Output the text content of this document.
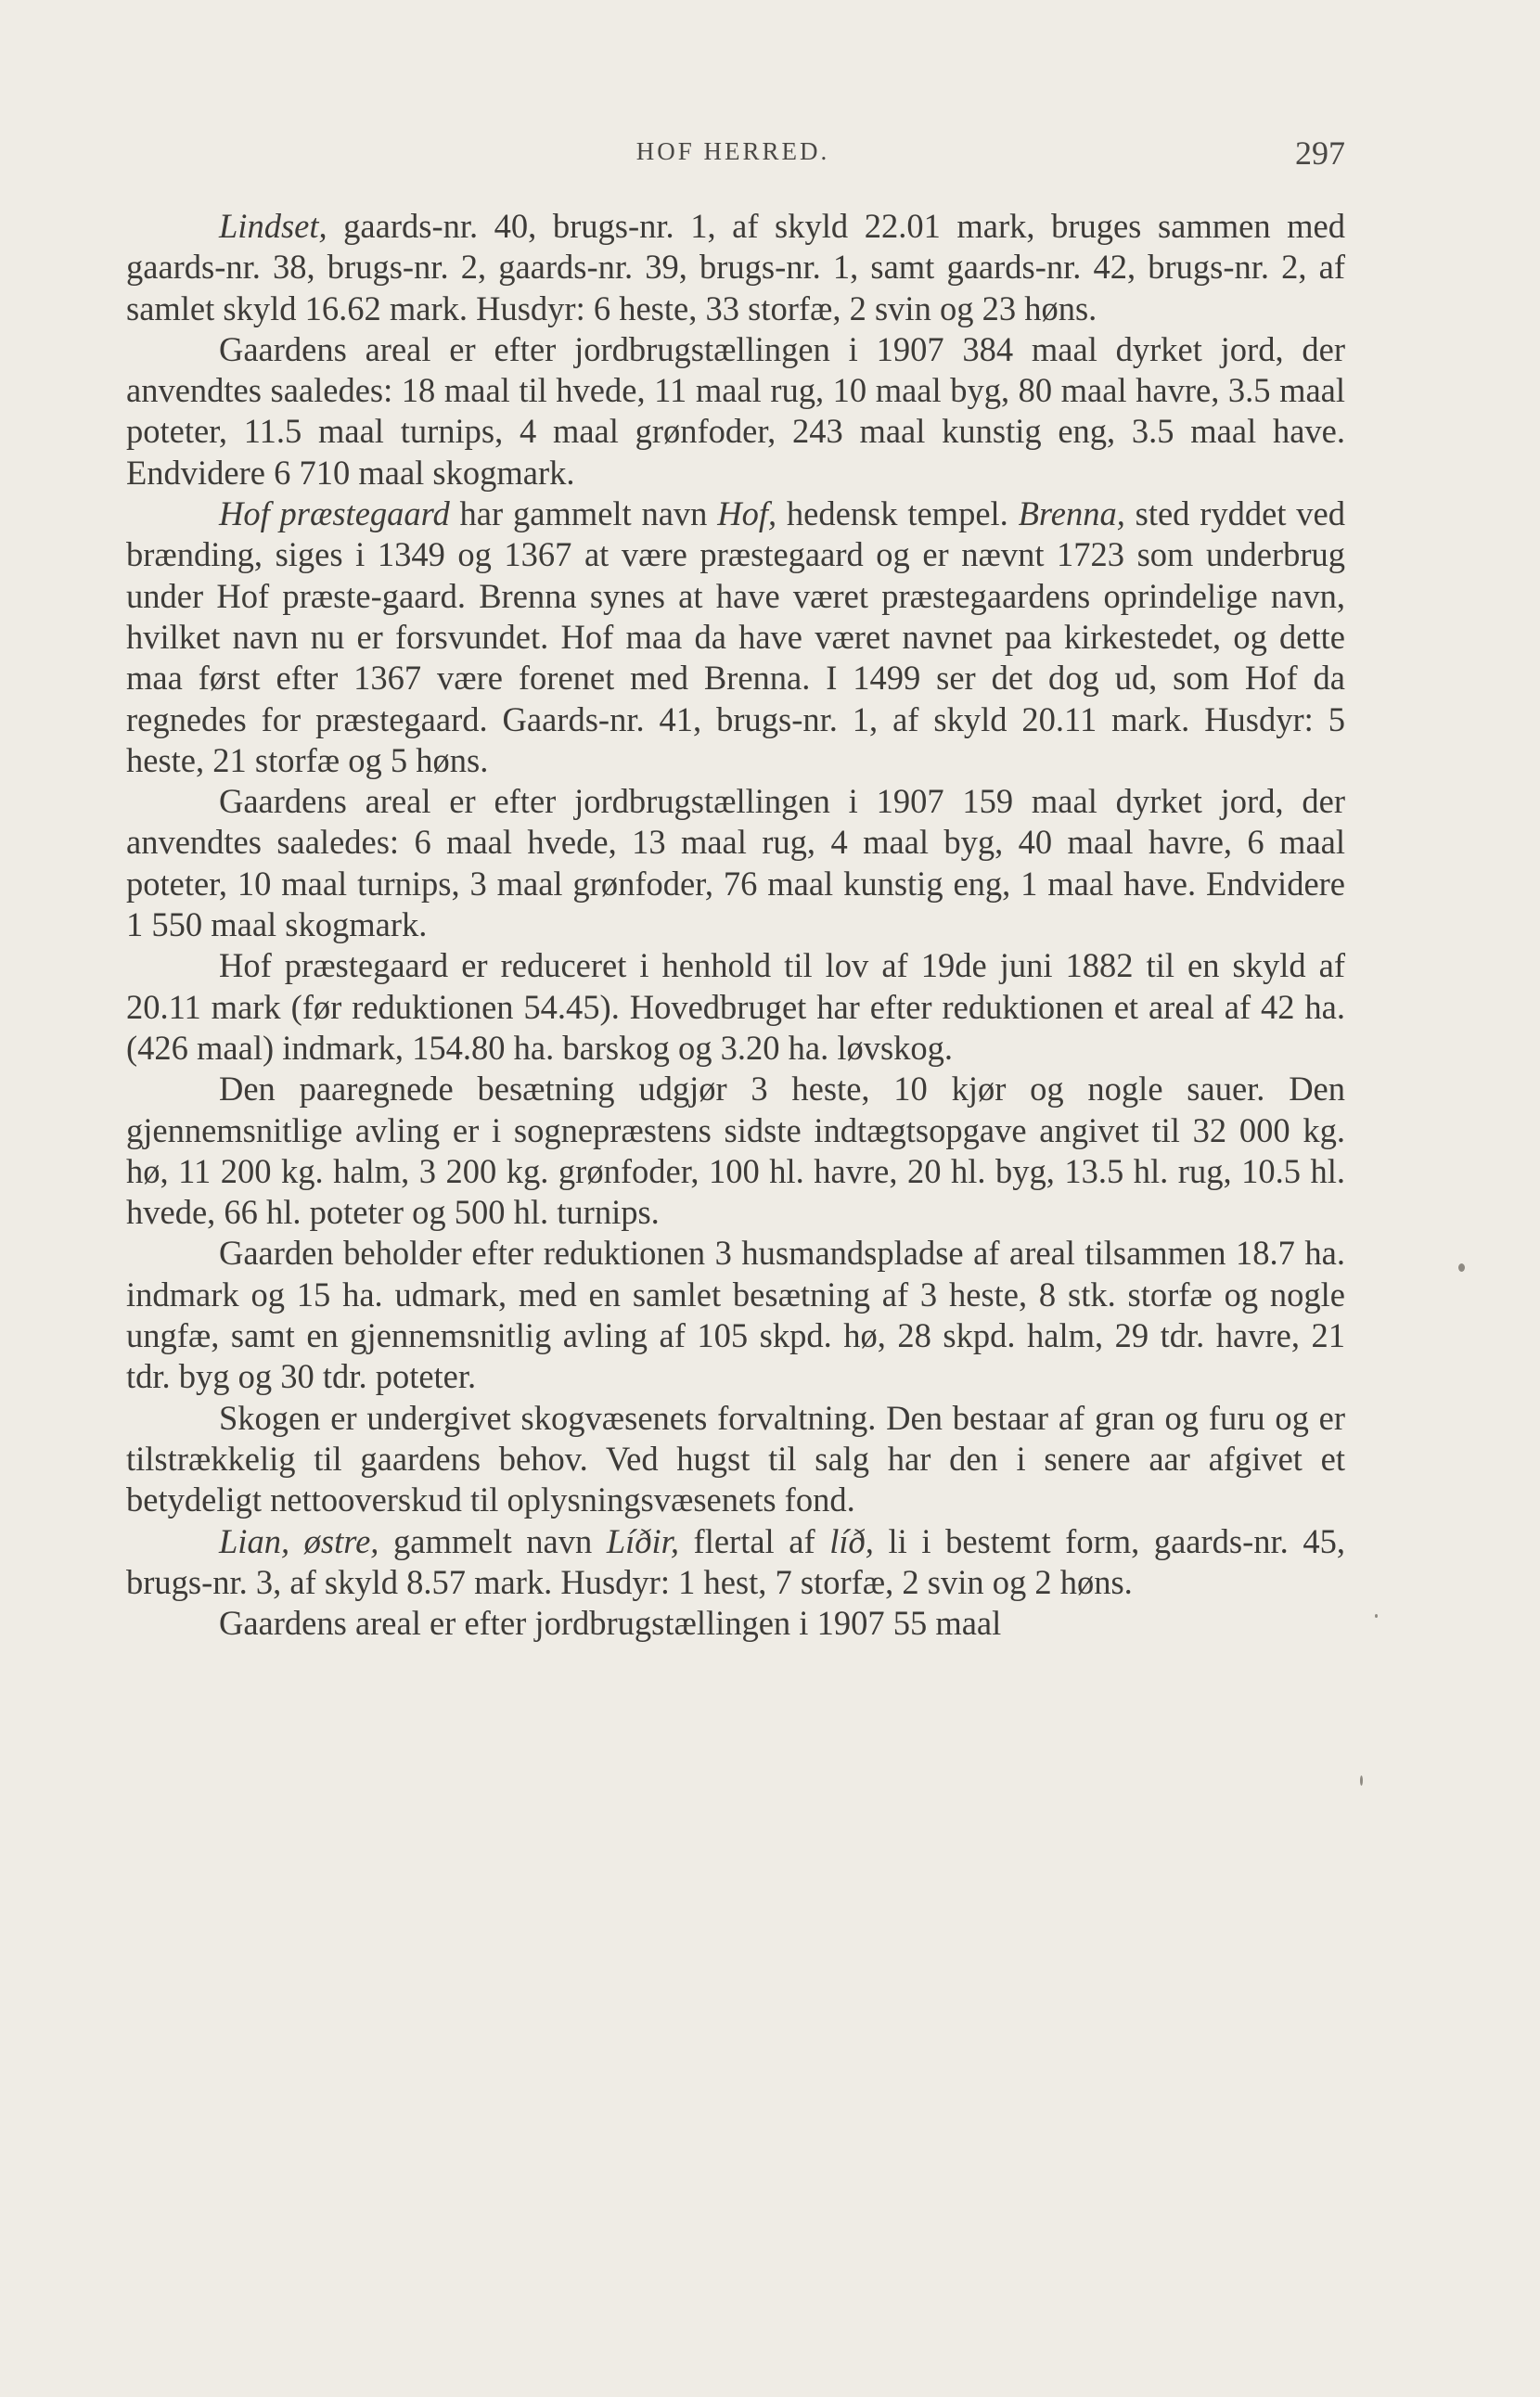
HOF HERRED.	297

Lindset, gaards-nr. 40, brugs-nr. 1, af skyld 22.01 mark, bruges sammen med gaards-nr. 38, brugs-nr. 2, gaards-nr. 39, brugs-nr. 1, samt gaards-nr. 42, brugs-nr. 2, af samlet skyld 16.62 mark. Husdyr: 6 heste, 33 storfæ, 2 svin og 23 høns.

Gaardens areal er efter jordbrugstællingen i 1907 384 maal dyrket jord, der anvendtes saaledes: 18 maal til hvede, 11 maal rug, 10 maal byg, 80 maal havre, 3.5 maal poteter, 11.5 maal turnips, 4 maal grønfoder, 243 maal kunstig eng, 3.5 maal have. Endvidere 6 710 maal skogmark.

Hof præstegaard har gammelt navn Hof, hedensk tempel. Brenna, sted ryddet ved brænding, siges i 1349 og 1367 at være præstegaard og er nævnt 1723 som underbrug under Hof præste-gaard. Brenna synes at have været præstegaardens oprindelige navn, hvilket navn nu er forsvundet. Hof maa da have været navnet paa kirkestedet, og dette maa først efter 1367 være forenet med Brenna. I 1499 ser det dog ud, som Hof da regnedes for præstegaard. Gaards-nr. 41, brugs-nr. 1, af skyld 20.11 mark. Husdyr: 5 heste, 21 storfæ og 5 høns.

Gaardens areal er efter jordbrugstællingen i 1907 159 maal dyrket jord, der anvendtes saaledes: 6 maal hvede, 13 maal rug, 4 maal byg, 40 maal havre, 6 maal poteter, 10 maal turnips, 3 maal grønfoder, 76 maal kunstig eng, 1 maal have. Endvidere 1 550 maal skogmark.

Hof præstegaard er reduceret i henhold til lov af 19de juni 1882 til en skyld af 20.11 mark (før reduktionen 54.45). Hovedbruget har efter reduktionen et areal af 42 ha. (426 maal) indmark, 154.80 ha. barskog og 3.20 ha. løvskog.

Den paaregnede besætning udgjør 3 heste, 10 kjør og nogle sauer. Den gjennemsnitlige avling er i sognepræstens sidste indtægtsopgave angivet til 32 000 kg. hø, 11 200 kg. halm, 3 200 kg. grønfoder, 100 hl. havre, 20 hl. byg, 13.5 hl. rug, 10.5 hl. hvede, 66 hl. poteter og 500 hl. turnips.

Gaarden beholder efter reduktionen 3 husmandspladse af areal tilsammen 18.7 ha. indmark og 15 ha. udmark, med en samlet besætning af 3 heste, 8 stk. storfæ og nogle ungfæ, samt en gjennemsnitlig avling af 105 skpd. hø, 28 skpd. halm, 29 tdr. havre, 21 tdr. byg og 30 tdr. poteter.

Skogen er undergivet skogvæsenets forvaltning. Den bestaar af gran og furu og er tilstrækkelig til gaardens behov. Ved hugst til salg har den i senere aar afgivet et betydeligt nettooverskud til oplysningsvæsenets fond.

Lian, østre, gammelt navn Líðir, flertal af líð, li i bestemt form, gaards-nr. 45, brugs-nr. 3, af skyld 8.57 mark. Husdyr: 1 hest, 7 storfæ, 2 svin og 2 høns.

Gaardens areal er efter jordbrugstællingen i 1907 55 maal
